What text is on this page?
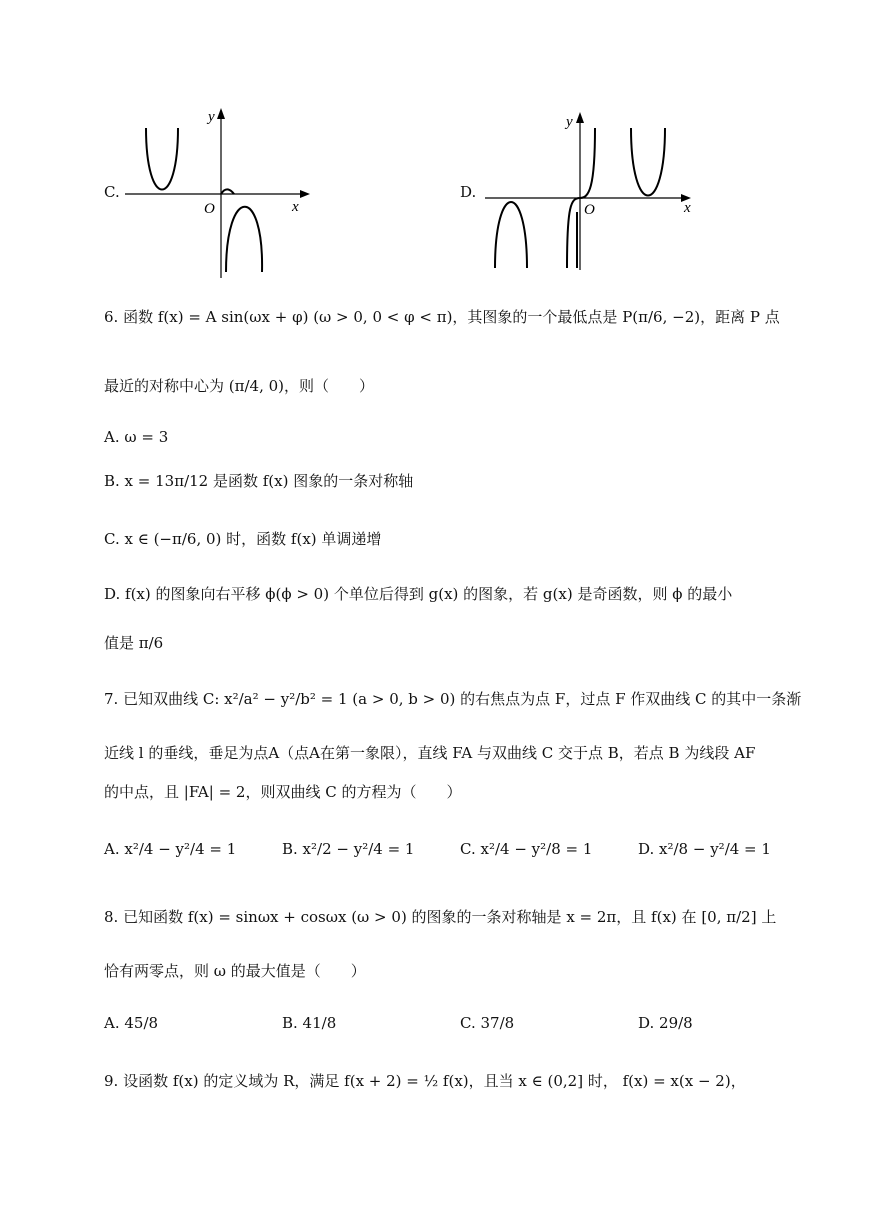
C.
y
O	x
D.
y
O	x
6. 函数 f(x) = A sin(ωx + φ) (ω > 0, 0 < φ < π)，其图象的一个最低点是 P(π/6, −2)，距离 P 点
最近的对称中心为 (π/4, 0)，则（　　）
A. ω = 3
B. x = 13π/12 是函数 f(x) 图象的一条对称轴
C. x ∈ (−π/6, 0) 时，函数 f(x) 单调递增
D. f(x) 的图象向右平移 ϕ(ϕ > 0) 个单位后得到 g(x) 的图象，若 g(x) 是奇函数，则 ϕ 的最小
值是 π/6
7. 已知双曲线 C: x²/a² − y²/b² = 1 (a > 0, b > 0) 的右焦点为点 F，过点 F 作双曲线 C 的其中一条渐
近线 l 的垂线，垂足为点A（点A在第一象限），直线 FA 与双曲线 C 交于点 B，若点 B 为线段 AF
的中点，且 |FA| = 2，则双曲线 C 的方程为（　　）
A. x²/4 − y²/4 = 1	B. x²/2 − y²/4 = 1	C. x²/4 − y²/8 = 1	D. x²/8 − y²/4 = 1
8. 已知函数 f(x) = sinωx + cosωx (ω > 0) 的图象的一条对称轴是 x = 2π，且 f(x) 在 [0, π/2] 上
恰有两零点，则 ω 的最大值是（　　）
A. 45/8	B. 41/8	C. 37/8	D. 29/8
9. 设函数 f(x) 的定义域为 R，满足 f(x + 2) = ½ f(x)，且当 x ∈ (0,2] 时， f(x) = x(x − 2)，
